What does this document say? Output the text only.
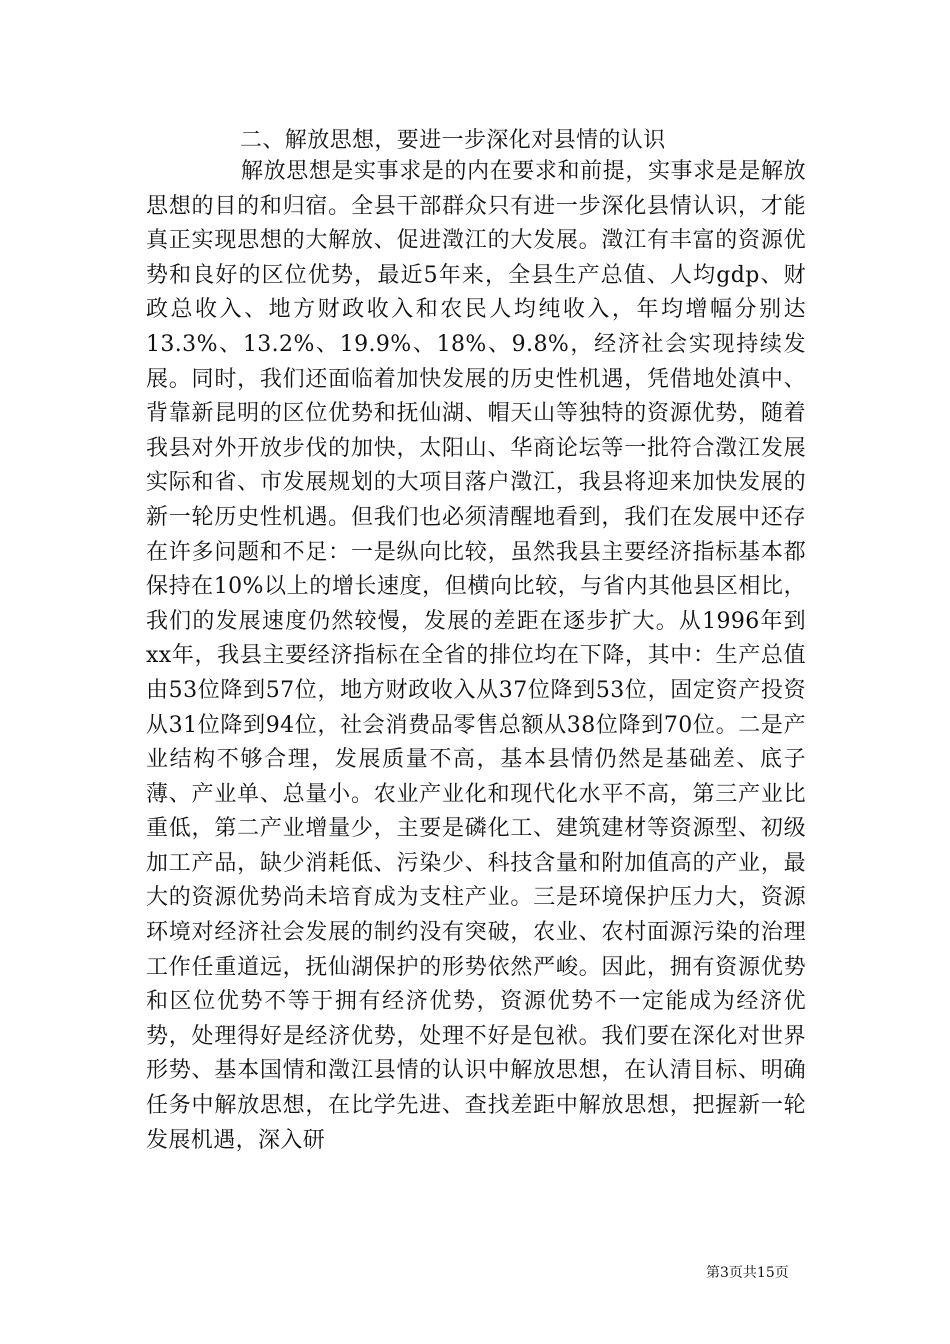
二、解放思想，要进一步深化对县情的认识

解放思想是实事求是的内在要求和前提，实事求是是解放思想的目的和归宿。全县干部群众只有进一步深化县情认识，才能真正实现思想的大解放、促进澂江的大发展。澂江有丰富的资源优势和良好的区位优势，最近5年来，全县生产总值、人均gdp、财政总收入、地方财政收入和农民人均纯收入，年均增幅分别达13.3%、13.2%、19.9%、18%、9.8%，经济社会实现持续发展。同时，我们还面临着加快发展的历史性机遇，凭借地处滇中、背靠新昆明的区位优势和抚仙湖、帽天山等独特的资源优势，随着我县对外开放步伐的加快，太阳山、华商论坛等一批符合澂江发展实际和省、市发展规划的大项目落户澂江，我县将迎来加快发展的新一轮历史性机遇。但我们也必须清醒地看到，我们在发展中还存在许多问题和不足：一是纵向比较，虽然我县主要经济指标基本都保持在10%以上的增长速度，但横向比较，与省内其他县区相比，我们的发展速度仍然较慢，发展的差距在逐步扩大。从1996年到xx年，我县主要经济指标在全省的排位均在下降，其中：生产总值由53位降到57位，地方财政收入从37位降到53位，固定资产投资从31位降到94位，社会消费品零售总额从38位降到70位。二是产业结构不够合理，发展质量不高，基本县情仍然是基础差、底子薄、产业单、总量小。农业产业化和现代化水平不高，第三产业比重低，第二产业增量少，主要是磷化工、建筑建材等资源型、初级加工产品，缺少消耗低、污染少、科技含量和附加值高的产业，最大的资源优势尚未培育成为支柱产业。三是环境保护压力大，资源环境对经济社会发展的制约没有突破，农业、农村面源污染的治理工作任重道远，抚仙湖保护的形势依然严峻。因此，拥有资源优势和区位优势不等于拥有经济优势，资源优势不一定能成为经济优势，处理得好是经济优势，处理不好是包袱。我们要在深化对世界形势、基本国情和澂江县情的认识中解放思想，在认清目标、明确任务中解放思想，在比学先进、查找差距中解放思想，把握新一轮发展机遇，深入研

第3页共15页
